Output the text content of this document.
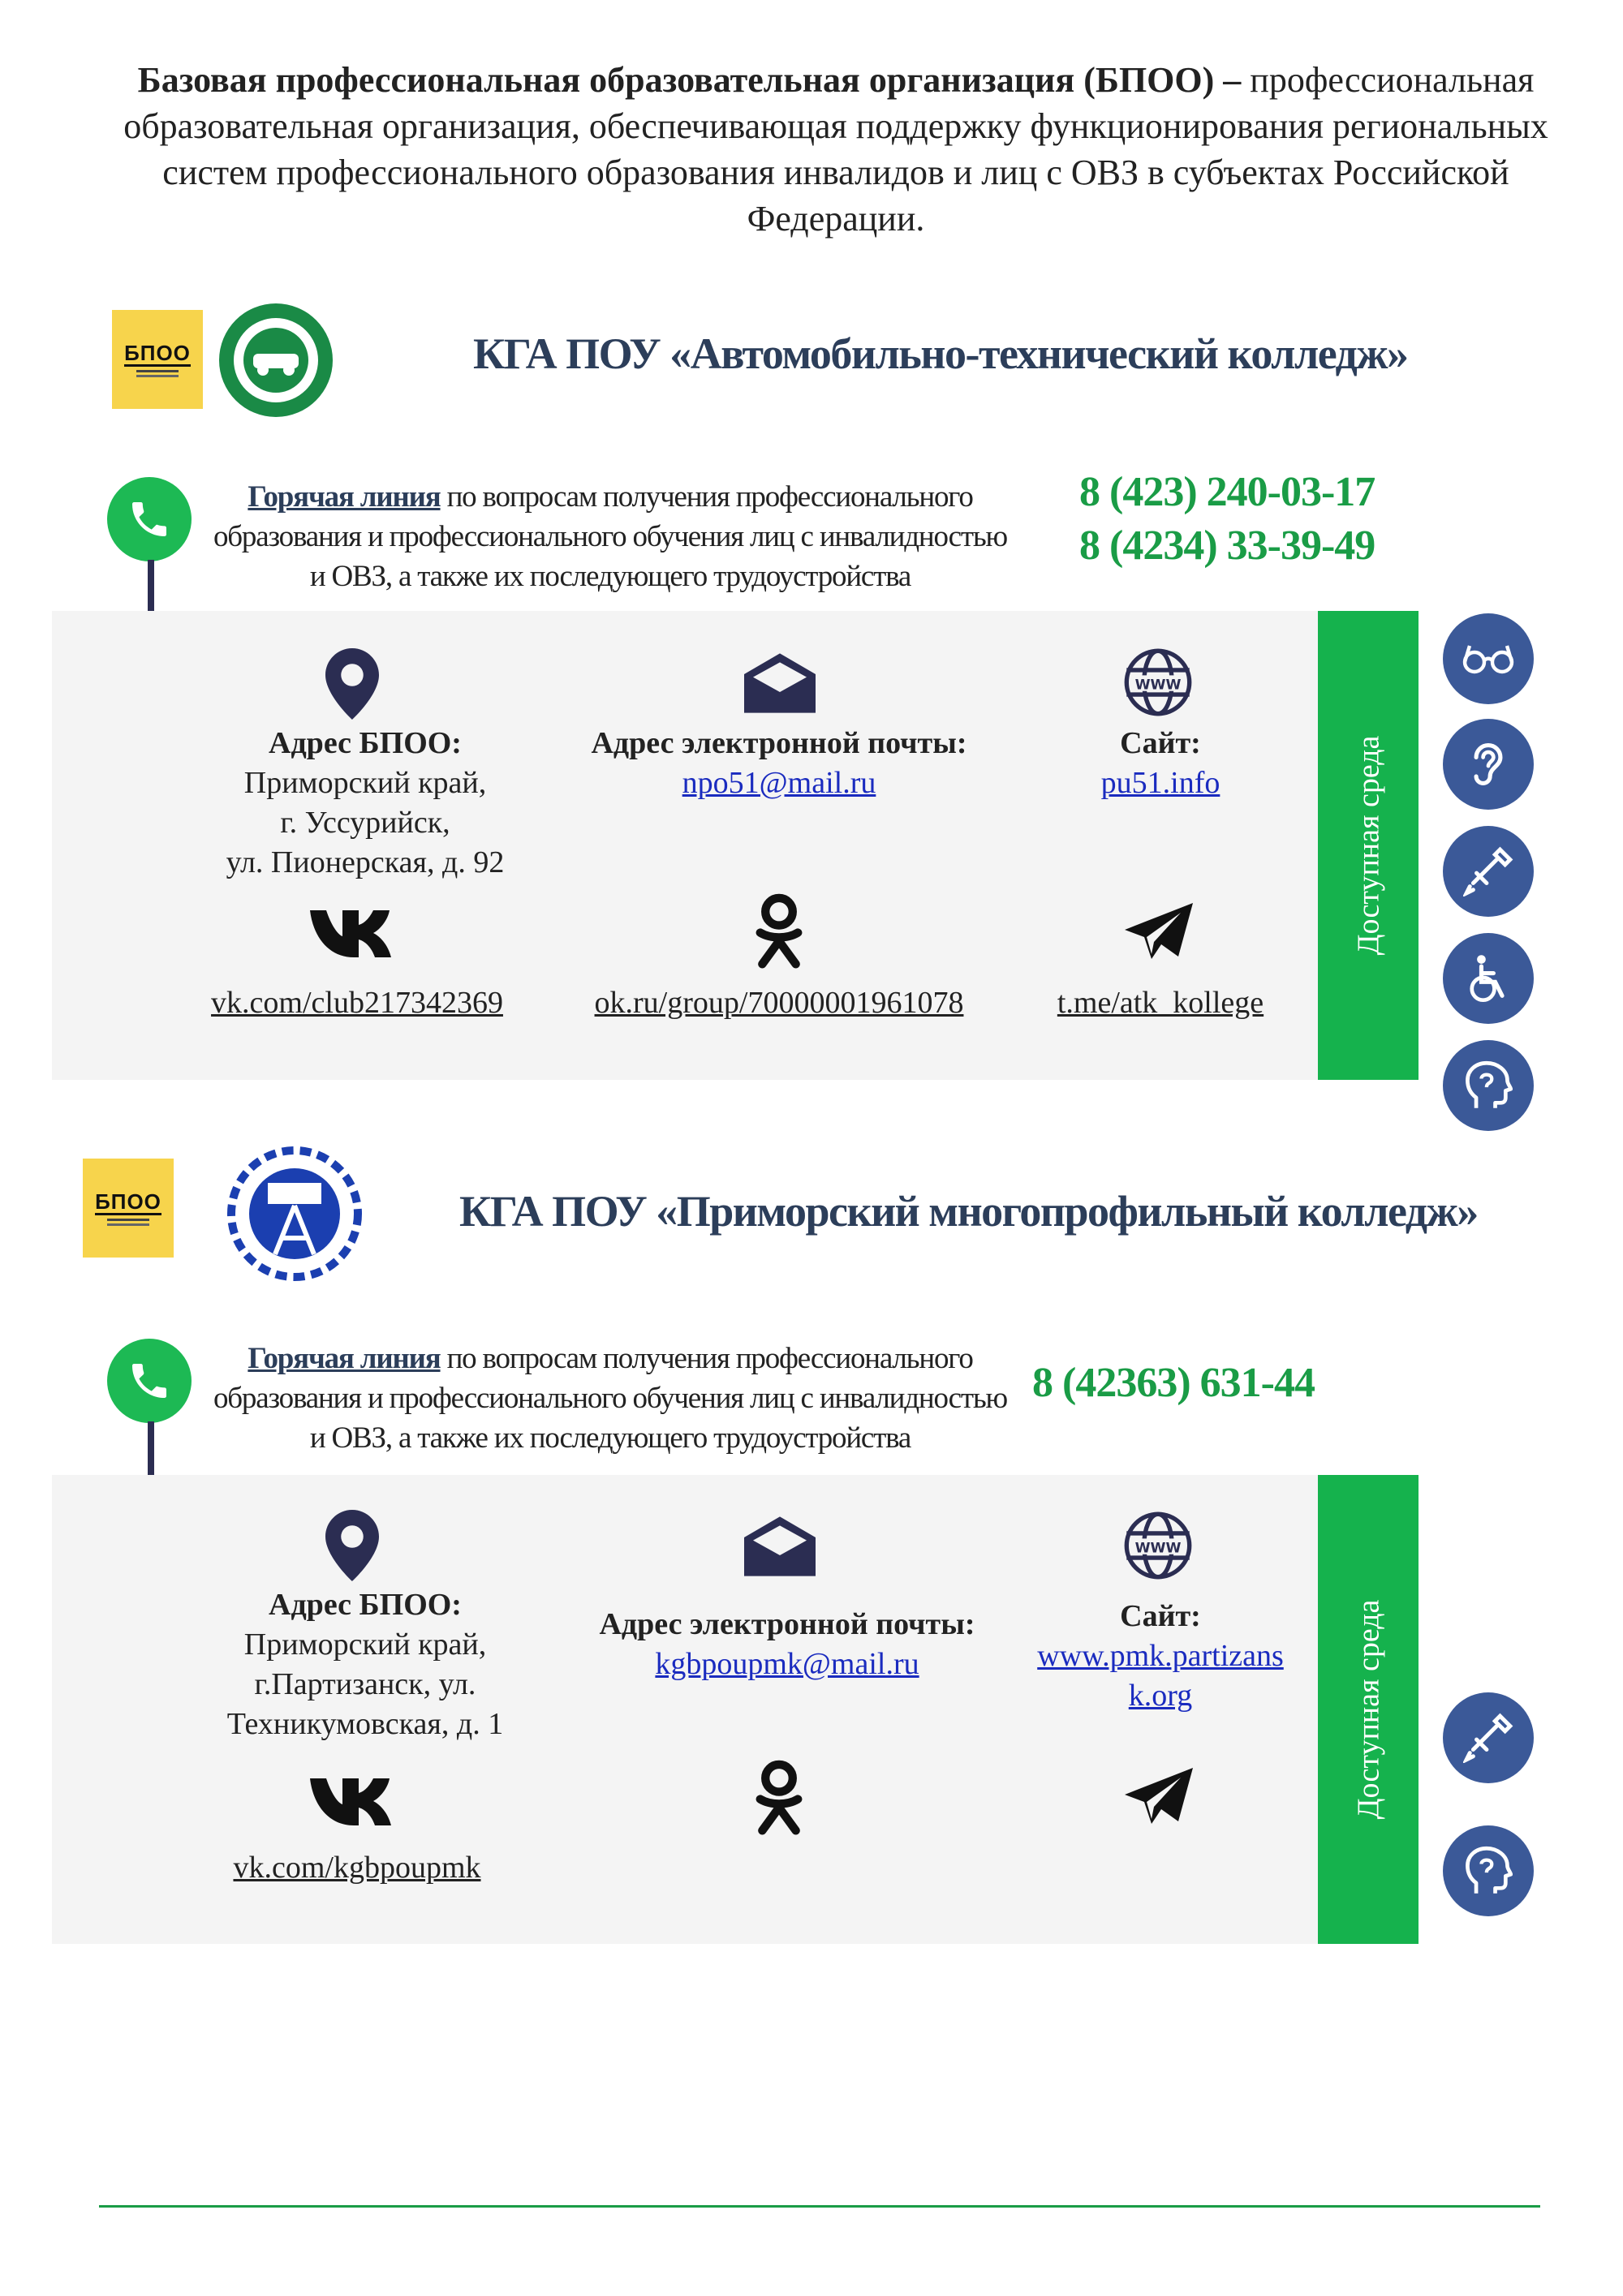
Базовая профессиональная образовательная организация (БПОО) – профессиональная образовательная организация, обеспечивающая поддержку функционирования региональных систем профессионального образования инвалидов и лиц с ОВЗ в субъектах Российской Федерации.
БПОО	КГА ПОУ «Автомобильно-технический колледж»
Горячая линия по вопросам получения профессионального образования и профессионального обучения лиц с инвалидностью и ОВЗ, а также их последующего трудоустройства
8 (423) 240-03-17
8 (4234) 33-39-49
Доступная среда
Адрес БПОО:
Приморский край,
г. Уссурийск,
ул. Пионерская, д. 92
Адрес электронной почты:
npo51@mail.ru
WWW
Сайт:
pu51.info
vk.com/club217342369	ok.ru/group/70000001961078	t.me/atk_kollege
БПОО	КГА ПОУ «Приморский многопрофильный колледж»
Горячая линия по вопросам получения профессионального образования и профессионального обучения лиц с инвалидностью и ОВЗ, а также их последующего трудоустройства
8 (42363) 631-44
Доступная среда
Адрес БПОО:
Приморский край,
г.Партизанск, ул.
Техникумовская, д. 1
Адрес электронной почты:
kgbpoupmk@mail.ru
WWW
Сайт:
www.pmk.partizans
k.org
vk.com/kgbpoupmk
